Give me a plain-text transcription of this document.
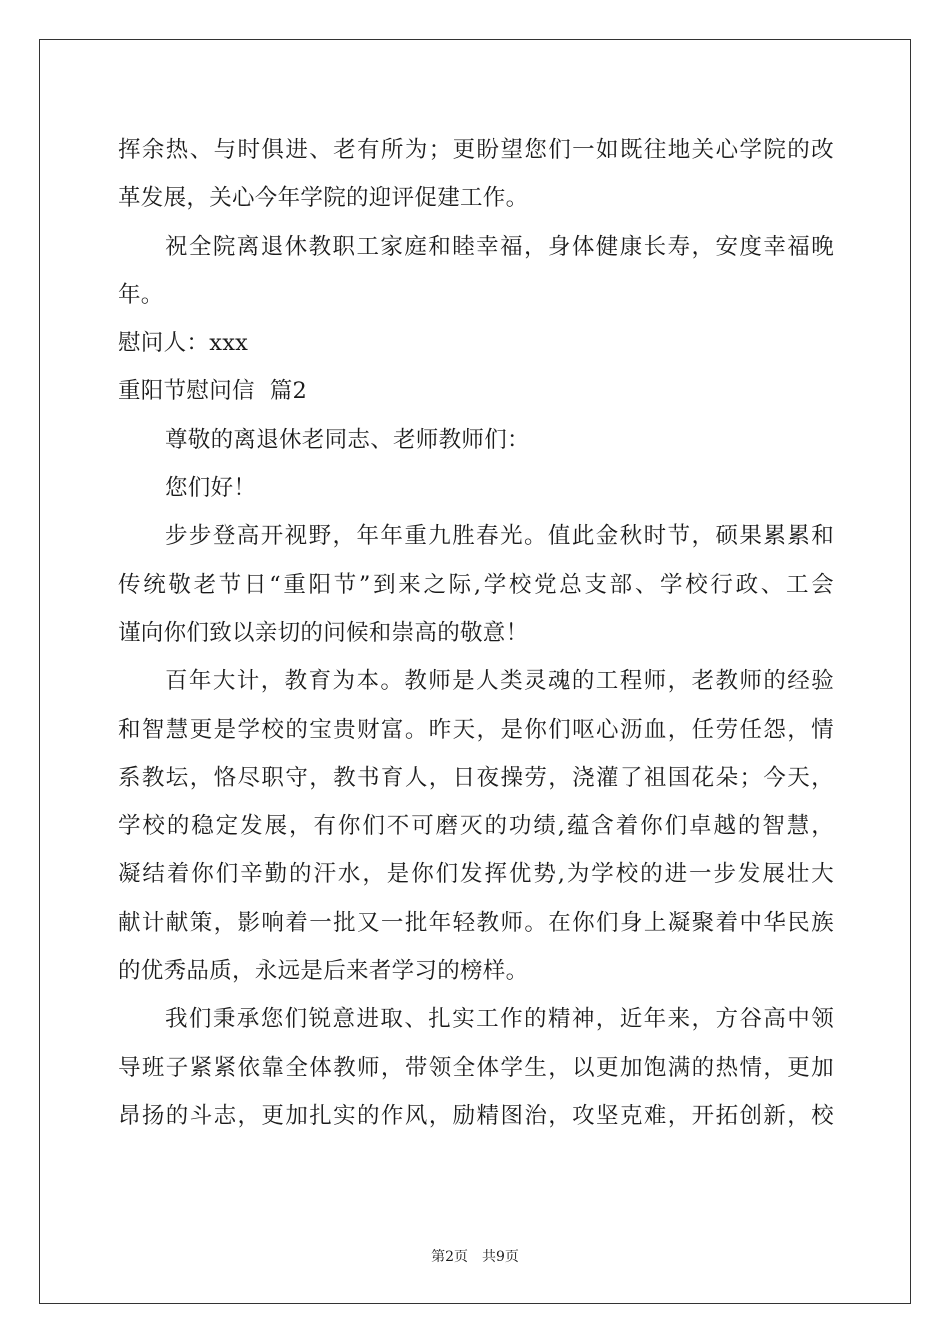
挥余热、与时俱进、老有所为；更盼望您们一如既往地关心学院的改
革发展，关心今年学院的迎评促建工作。
祝全院离退休教职工家庭和睦幸福，身体健康长寿，安度幸福晚
年。
慰问人：xxx
重阳节慰问信  篇2
尊敬的离退休老同志、老师教师们：
您们好！
步步登高开视野，年年重九胜春光。值此金秋时节，硕果累累和
传统敬老节日“重阳节”到来之际,学校党总支部、学校行政、工会
谨向你们致以亲切的问候和崇高的敬意！
百年大计，教育为本。教师是人类灵魂的工程师，老教师的经验
和智慧更是学校的宝贵财富。昨天，是你们呕心沥血，任劳任怨，情
系教坛，恪尽职守，教书育人，日夜操劳，浇灌了祖国花朵；今天，
学校的稳定发展，有你们不可磨灭的功绩,蕴含着你们卓越的智慧，
凝结着你们辛勤的汗水，是你们发挥优势,为学校的进一步发展壮大
献计献策，影响着一批又一批年轻教师。在你们身上凝聚着中华民族
的优秀品质，永远是后来者学习的榜样。
我们秉承您们锐意进取、扎实工作的精神，近年来，方谷高中领
导班子紧紧依靠全体教师，带领全体学生，以更加饱满的热情，更加
昂扬的斗志，更加扎实的作风，励精图治，攻坚克难，开拓创新，校
第2页 共9页
